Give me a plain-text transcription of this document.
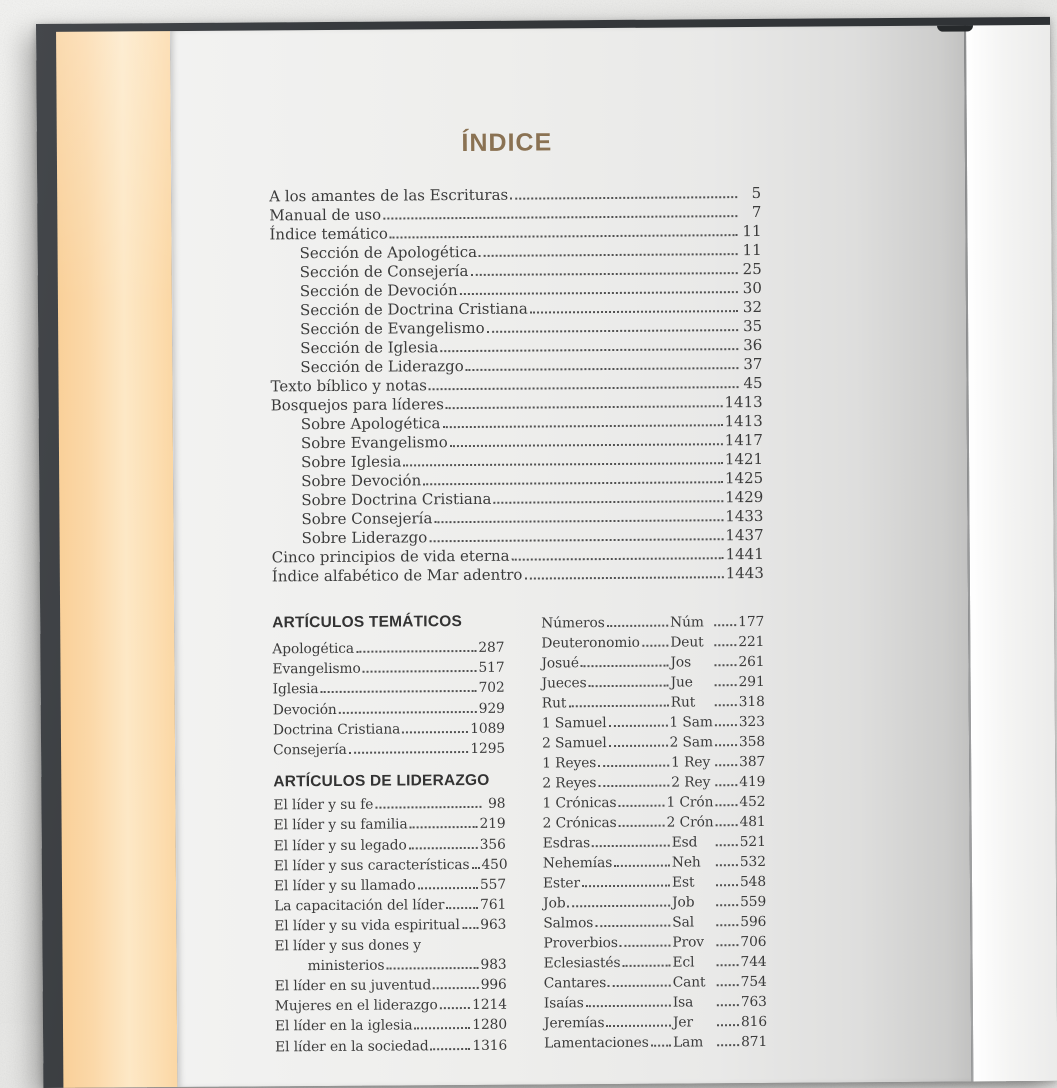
ÍNDICE
A los amantes de las Escrituras	5
Manual de uso	7
Índice temático	11
Sección de Apologética	11
Sección de Consejería	25
Sección de Devoción	30
Sección de Doctrina Cristiana	32
Sección de Evangelismo	35
Sección de Iglesia	36
Sección de Liderazgo	37
Texto bíblico y notas	45
Bosquejos para líderes	1413
Sobre Apologética	1413
Sobre Evangelismo	1417
Sobre Iglesia	1421
Sobre Devoción	1425
Sobre Doctrina Cristiana	1429
Sobre Consejería	1433
Sobre Liderazgo	1437
Cinco principios de vida eterna	1441
Índice alfabético de Mar adentro	1443
ARTÍCULOS TEMÁTICOS
Apologética	287
Evangelismo	517
Iglesia	702
Devoción	929
Doctrina Cristiana	1089
Consejería	1295
ARTÍCULOS DE LIDERAZGO
El líder y su fe	98
El líder y su familia	219
El líder y su legado	356
El líder y sus características 450
El líder y su llamado	557
La capacitación del líder	761
El líder y su vida espiritual 963
El líder y sus dones y
ministerios	983
El líder en su juventud	996
Mujeres en el liderazgo 1214
El líder en la iglesia	1280
El líder en la sociedad	1316
Números	Núm	177
Deuteronomio Deut	221
Josué	Jos	261
Jueces	Jue	291
Rut	Rut	318
1 Samuel	1 Sam 323
2 Samuel	2 Sam 358
1 Reyes	1 Rey 387
2 Reyes	2 Rey 419
1 Crónicas	1 Crón 452
2 Crónicas	2 Crón 481
Esdras	Esd	521
Nehemías	Neh	532
Ester	Est	548
Job	Job	559
Salmos	Sal	596
Proverbios	Prov	706
Eclesiastés	Ecl	744
Cantares	Cant	754
Isaías	Isa	763
Jeremías	Jer	816
Lamentaciones Lam	871
